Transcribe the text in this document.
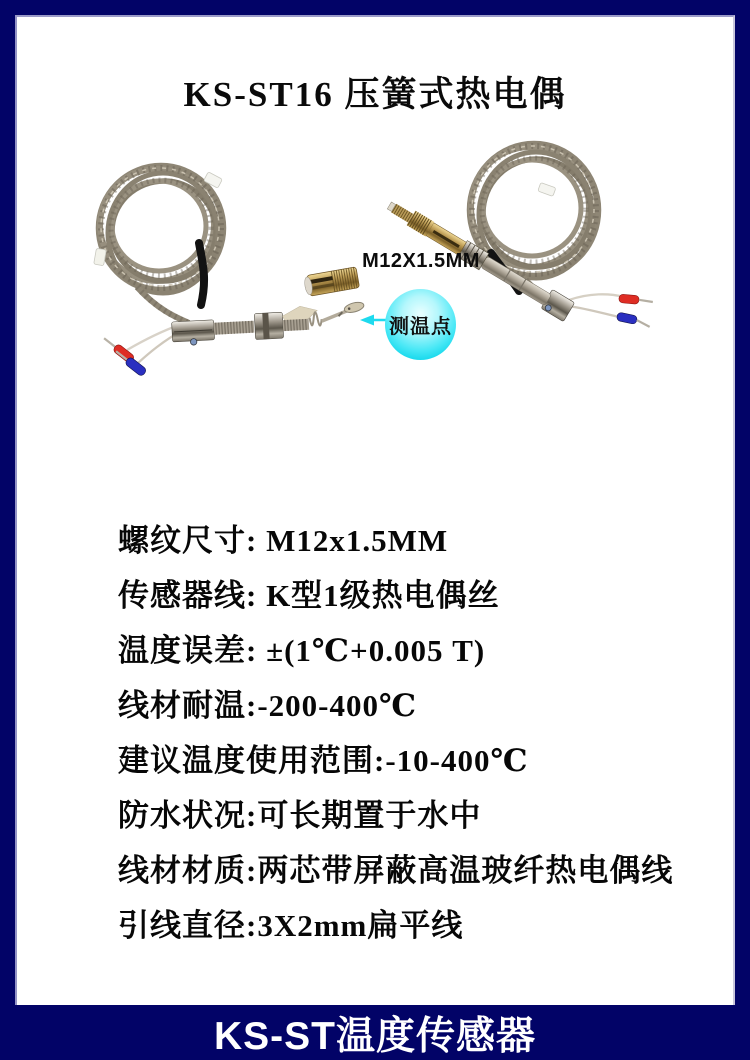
KS-ST16 压簧式热电偶
M12X1.5MM
测温点
螺纹尺寸: M12x1.5MM
传感器线: K型1级热电偶丝
温度误差: ±(1℃+0.005 T)
线材耐温:-200-400℃
建议温度使用范围:-10-400℃
防水状况:可长期置于水中
线材材质:两芯带屏蔽高温玻纤热电偶线
引线直径:3X2mm扁平线
KS-ST温度传感器
